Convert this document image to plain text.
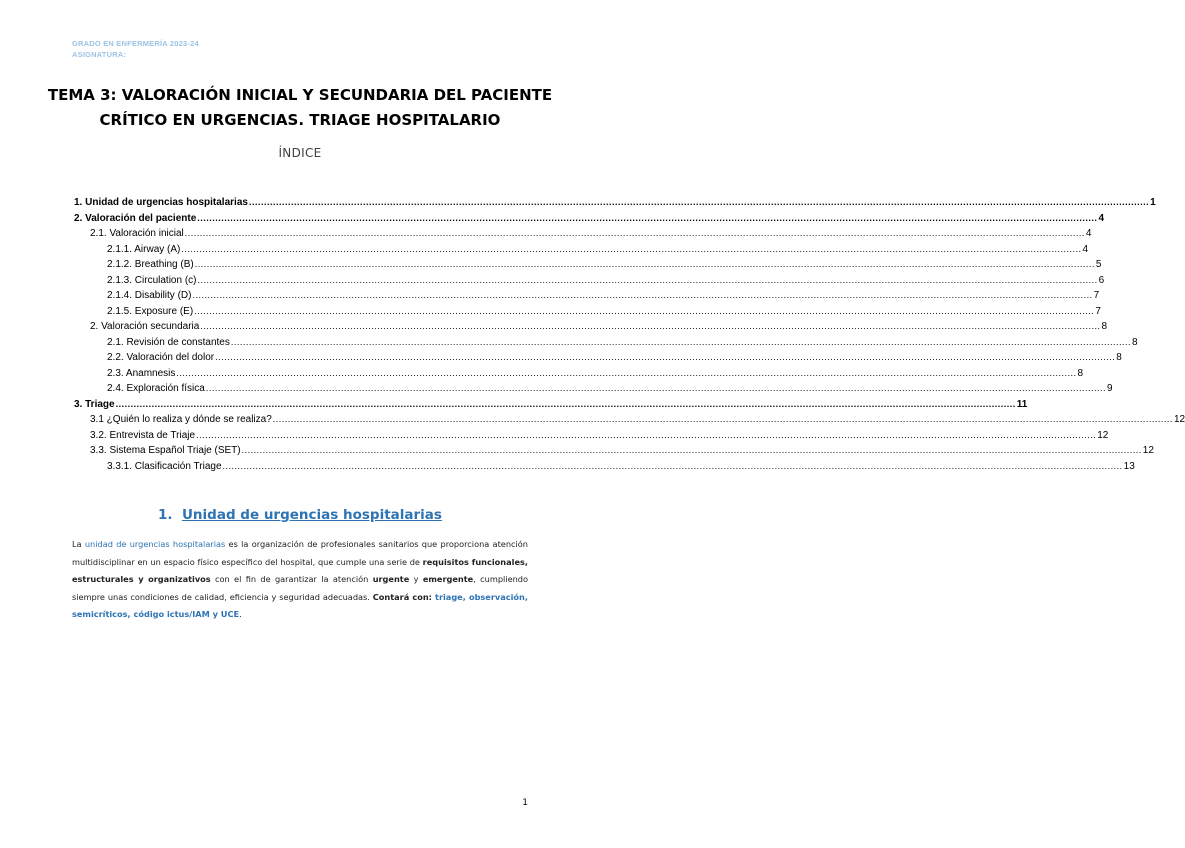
GRADO EN ENFERMERÍA 2023-24
ASIGNATURA:
TEMA 3: VALORACIÓN INICIAL Y SECUNDARIA DEL PACIENTE
CRÍTICO EN URGENCIAS. TRIAGE HOSPITALARIO
ÍNDICE
1. Unidad de urgencias hospitalarias ............................................................................................................................................................................................................................................................................................................ 1
2. Valoración del paciente ............................................................................................................................................................................................................................................................................................................ 4
2.1. Valoración inicial ............................................................................................................................................................................................................................................................................................................ 4
2.1.1. Airway (A) ............................................................................................................................................................................................................................................................................................................ 4
2.1.2. Breathing (B) ............................................................................................................................................................................................................................................................................................................ 5
2.1.3. Circulation (c) ............................................................................................................................................................................................................................................................................................................ 6
2.1.4. Disability (D) ............................................................................................................................................................................................................................................................................................................ 7
2.1.5. Exposure (E) ............................................................................................................................................................................................................................................................................................................ 7
2. Valoración secundaria ............................................................................................................................................................................................................................................................................................................ 8
2.1. Revisión de constantes ............................................................................................................................................................................................................................................................................................................ 8
2.2. Valoración del dolor ............................................................................................................................................................................................................................................................................................................ 8
2.3. Anamnesis ............................................................................................................................................................................................................................................................................................................ 8
2.4. Exploración física ............................................................................................................................................................................................................................................................................................................ 9
3. Triage ............................................................................................................................................................................................................................................................................................................ 11
3.1 ¿Quién lo realiza y dónde se realiza? ............................................................................................................................................................................................................................................................................................................ 12
3.2. Entrevista de Triaje ............................................................................................................................................................................................................................................................................................................ 12
3.3. Sistema Español Triaje (SET) ............................................................................................................................................................................................................................................................................................................ 12
3.3.1. Clasificación Triage ............................................................................................................................................................................................................................................................................................................ 13
1. Unidad de urgencias hospitalarias
La unidad de urgencias hospitalarias es la organización de profesionales sanitarios que proporciona atención multidisciplinar en un espacio físico específico del hospital, que cumple una serie de requisitos funcionales, estructurales y organizativos con el fin de garantizar la atención urgente y emergente, cumpliendo siempre unas condiciones de calidad, eficiencia y seguridad adecuadas. Contará con: triage, observación, semicríticos, código ictus/IAM y UCE.
1
